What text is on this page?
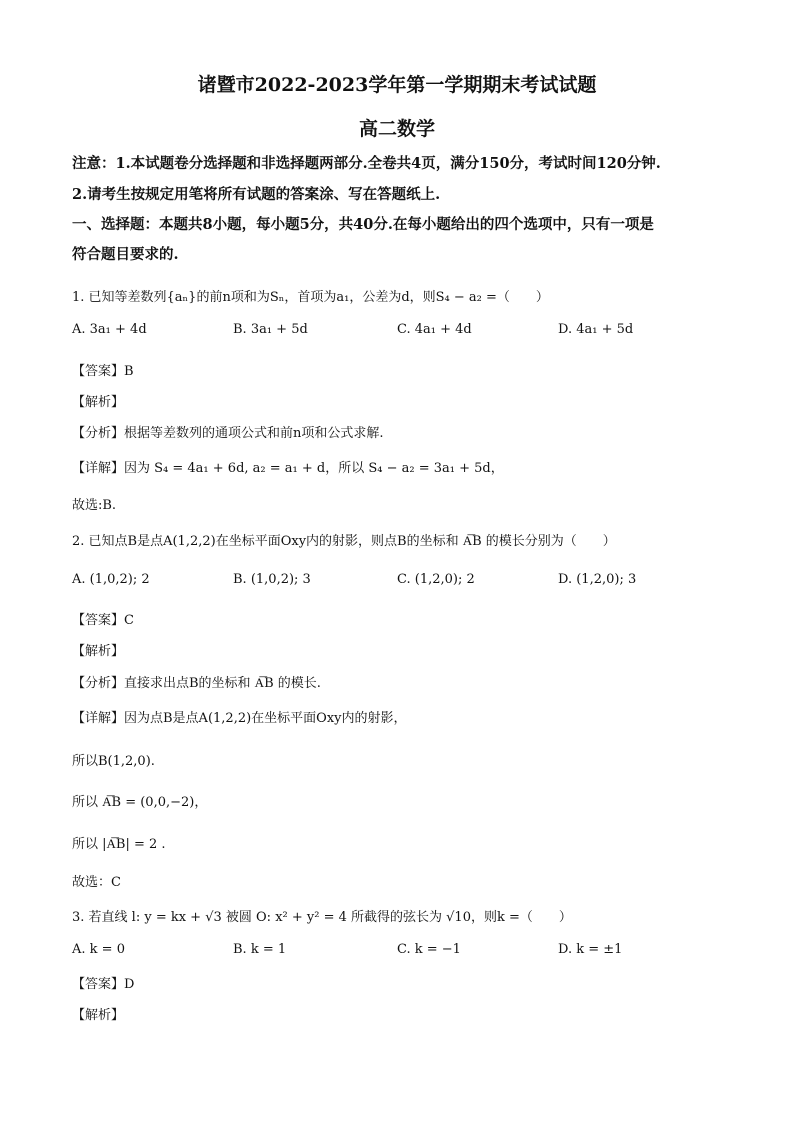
诸暨市2022-2023学年第一学期期末考试试题
高二数学
注意：1.本试题卷分选择题和非选择题两部分.全卷共4页，满分150分，考试时间120分钟.
2.请考生按规定用笔将所有试题的答案涂、写在答题纸上.
一、选择题：本题共8小题，每小题5分，共40分.在每小题给出的四个选项中，只有一项是
符合题目要求的.
1. 已知等差数列{aₙ}的前n项和为Sₙ，首项为a₁，公差为d，则S₄ − a₂ =（　　）
A. 3a₁ + 4d	B. 3a₁ + 5d	C. 4a₁ + 4d	D. 4a₁ + 5d
【答案】B
【解析】
【分析】根据等差数列的通项公式和前n项和公式求解.
【详解】因为 S₄ = 4a₁ + 6d, a₂ = a₁ + d，所以 S₄ − a₂ = 3a₁ + 5d，
故选:B.
2. 已知点B是点A(1,2,2)在坐标平面Oxy内的射影，则点B的坐标和 A͞B 的模长分别为（　　）
A. (1,0,2); 2	B. (1,0,2); 3	C. (1,2,0); 2	D. (1,2,0); 3
【答案】C
【解析】
【分析】直接求出点B的坐标和 A͞B 的模长.
【详解】因为点B是点A(1,2,2)在坐标平面Oxy内的射影，
所以B(1,2,0).
所以 A͞B = (0,0,−2)，
所以 |A͞B| = 2 .
故选：C
3. 若直线 l: y = kx + √3 被圆 O: x² + y² = 4 所截得的弦长为 √10，则k =（　　）
A. k = 0	B. k = 1	C. k = −1	D. k = ±1
【答案】D
【解析】
